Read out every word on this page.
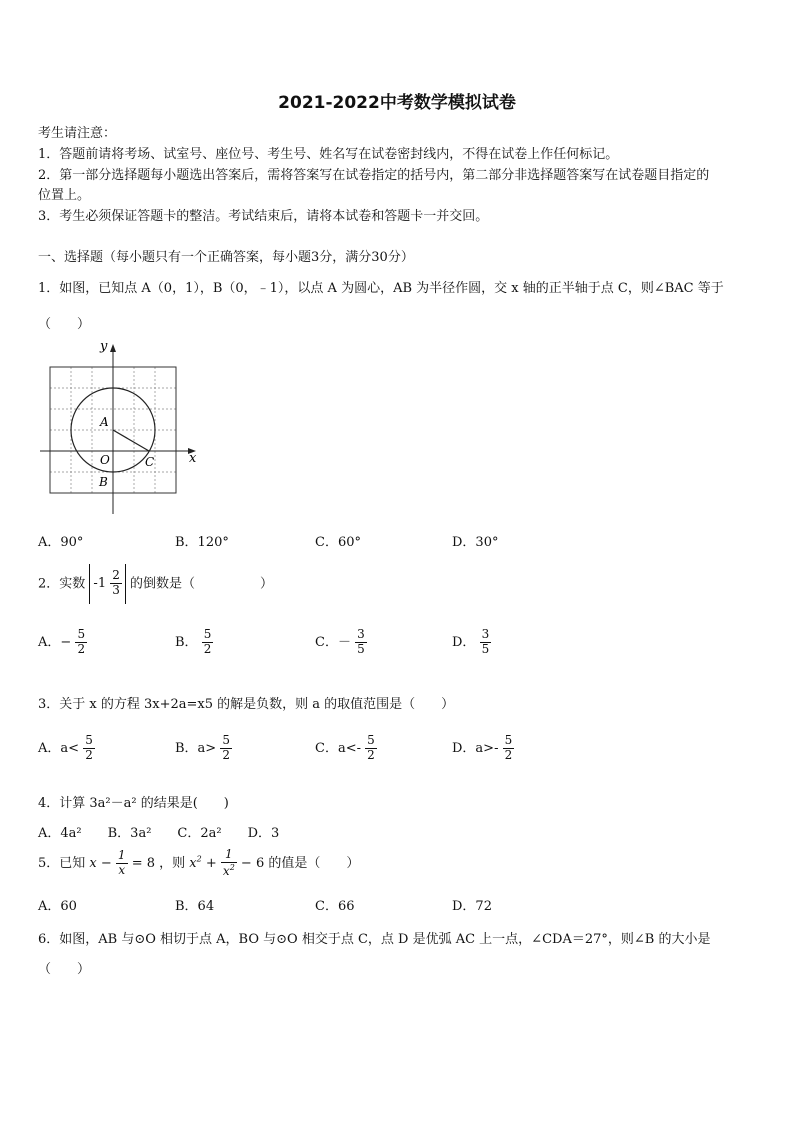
2021-2022中考数学模拟试卷
考生请注意：
1．答题前请将考场、试室号、座位号、考生号、姓名写在试卷密封线内，不得在试卷上作任何标记。
2．第一部分选择题每小题选出答案后，需将答案写在试卷指定的括号内，第二部分非选择题答案写在试卷题目指定的
位置上。
3．考生必须保证答题卡的整洁。考试结束后，请将本试卷和答题卡一并交回。
一、选择题（每小题只有一个正确答案，每小题3分，满分30分）
1．如图，已知点 A（0，1），B（0，﹣1），以点 A 为圆心，AB 为半径作圆，交 x 轴的正半轴于点 C，则∠BAC 等于
（　　）
y
x
A
O
B
C
A．90°	B．120°	C．60°	D．30°
2．实数 $-1 \frac{2}{3}$ 的倒数是（　　　　　）
A．− $\frac{5}{2}$	B． $\frac{5}{2}$	C．－ $\frac{3}{5}$	D． $\frac{3}{5}$
3．关于 x 的方程 3x+2a=x5 的解是负数，则 a 的取值范围是（　　）
A．$a< \frac{5}{2}$	B．$a> \frac{5}{2}$	C．$a<- \frac{5}{2}$	D．$a>- \frac{5}{2}$
4．计算 3a²－a² 的结果是(　　)
A．4a²　　B．3a²　　C．2a²　　D．3
5．已知 $x - \frac{1}{x} = 8$ ，则 $x^2 + \frac{1}{x^2} - 6$ 的值是（　　）
A．60	B．64	C．66	D．72
6．如图，AB 与⊙O 相切于点 A，BO 与⊙O 相交于点 C，点 D 是优弧 AC 上一点，∠CDA＝27°，则∠B 的大小是
（　　）
